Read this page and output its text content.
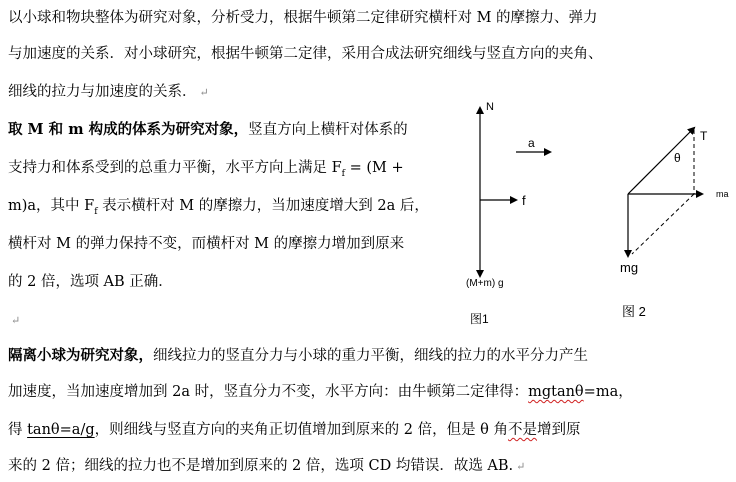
以小球和物块整体为研究对象，分析受力，根据牛顿第二定律研究横杆对 M 的摩擦力、弹力
与加速度的关系．对小球研究，根据牛顿第二定律，采用合成法研究细线与竖直方向的夹角、
细线的拉力与加速度的关系． ↵
取 M 和 m 构成的体系为研究对象，竖直方向上横杆对体系的
支持力和体系受到的总重力平衡，水平方向上满足 $F_f = (M$ +
m)a，其中 $F_f$ 表示横杆对 M 的摩擦力，当加速度增大到 2a 后，
横杆对 M 的弹力保持不变，而横杆对 M 的摩擦力增加到原来
的 2 倍，选项 AB 正确．
↵
隔离小球为研究对象，细线拉力的竖直分力与小球的重力平衡，细线的拉力的水平分力产生
加速度，当加速度增加到 2a 时，竖直分力不变，水平方向：由牛顿第二定律得：mgtanθ=ma，
得 tanθ=a/g，则细线与竖直方向的夹角正切值增加到原来的 2 倍，但是 θ 角不是增到原
来的 2 倍；细线的拉力也不是增加到原来的 2 倍，选项 CD 均错误．故选 AB. ↵
N
a
f
(M+m) g
图1
T
θ
ma
mg
图 2
